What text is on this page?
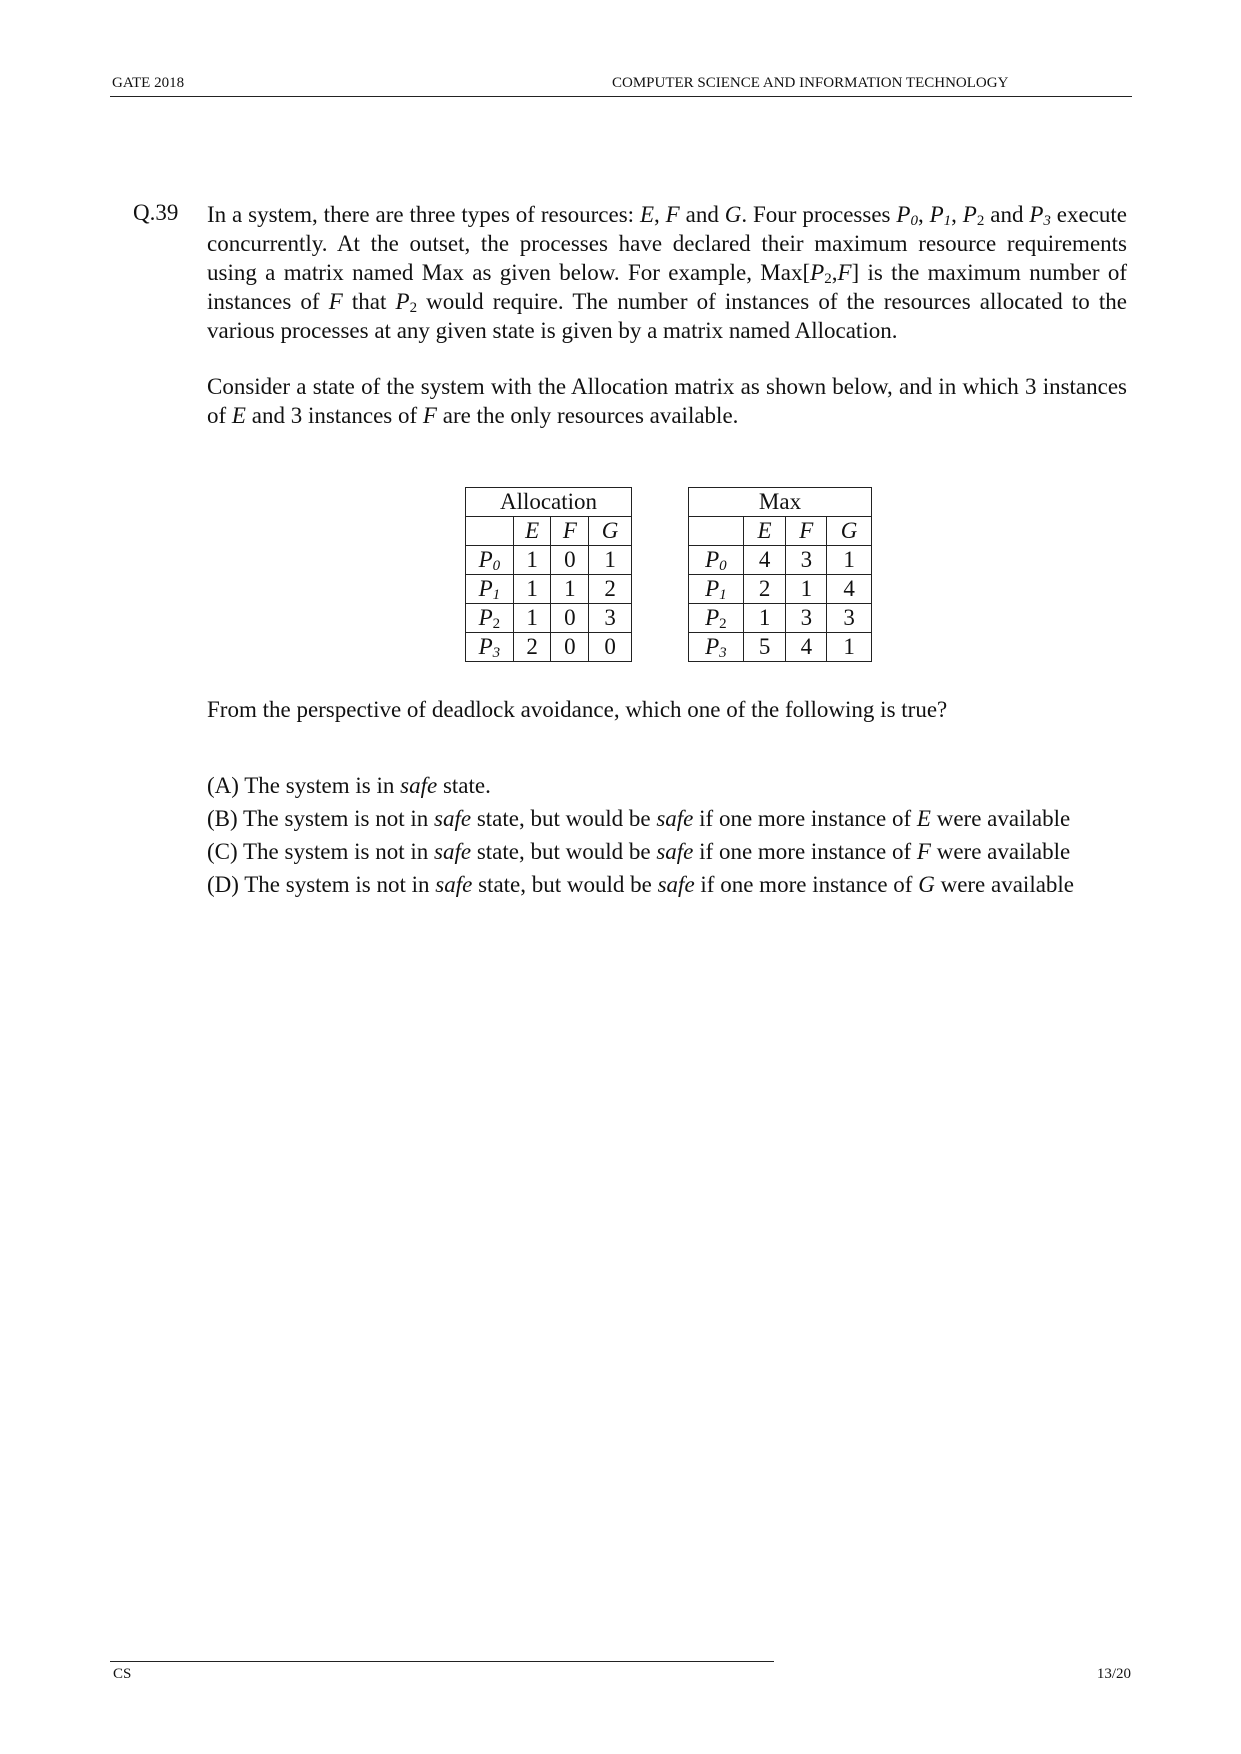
GATE 2018	COMPUTER SCIENCE AND INFORMATION TECHNOLOGY
Q.39 In a system, there are three types of resources: E, F and G. Four processes $P_0$, $P_1$, $P_2$ and $P_3$ execute concurrently. At the outset, the processes have declared their maximum resource requirements using a matrix named Max as given below. For example, $Max[P_2,F]$ is the maximum number of instances of F that $P_2$ would require. The number of instances of the resources allocated to the various processes at any given state is given by a matrix named Allocation.

Consider a state of the system with the Allocation matrix as shown below, and in which 3 instances of E and 3 instances of F are the only resources available.

Allocation			
	E	F	G
$P_0$	1	0	1
$P_1$	1	1	2
$P_2$	1	0	3
$P_3$	2	0	0
Max			
	E	F	G
$P_0$	4	3	1
$P_1$	2	1	4
$P_2$	1	3	3
$P_3$	5	4	1
From the perspective of deadlock avoidance, which one of the following is true?

(A) The system is in safe state.

(B) The system is not in safe state, but would be safe if one more instance of E were available

(C) The system is not in safe state, but would be safe if one more instance of F were available

(D) The system is not in safe state, but would be safe if one more instance of G were available

CS	13/20
